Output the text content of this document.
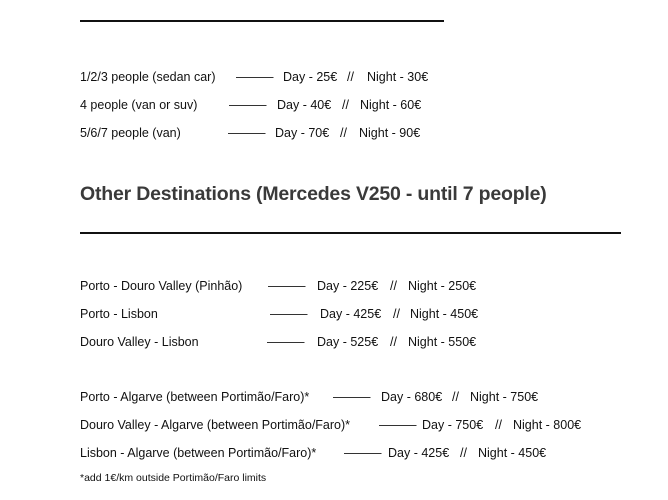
1/2/3 people (sedan car) ——— Day - 25€ // Night - 30€
4 people (van or suv)	——— Day - 40€ // Night - 60€
5/6/7 people (van)	——— Day - 70€ // Night - 90€
Other Destinations (Mercedes V250 - until 7 people)
Porto - Douro Valley (Pinhão) ——— Day - 225€ // Night - 250€
Porto - Lisbon	——— Day - 425€ // Night - 450€
Douro Valley - Lisbon	——— Day - 525€ // Night - 550€
Porto - Algarve (between Portimão/Faro)* ——— Day - 680€ // Night - 750€
Douro Valley - Algarve (between Portimão/Faro)* ——— Day - 750€ // Night - 800€
Lisbon - Algarve (between Portimão/Faro)* ——— Day - 425€ // Night - 450€
*add 1€/km outside Portimão/Faro limits
